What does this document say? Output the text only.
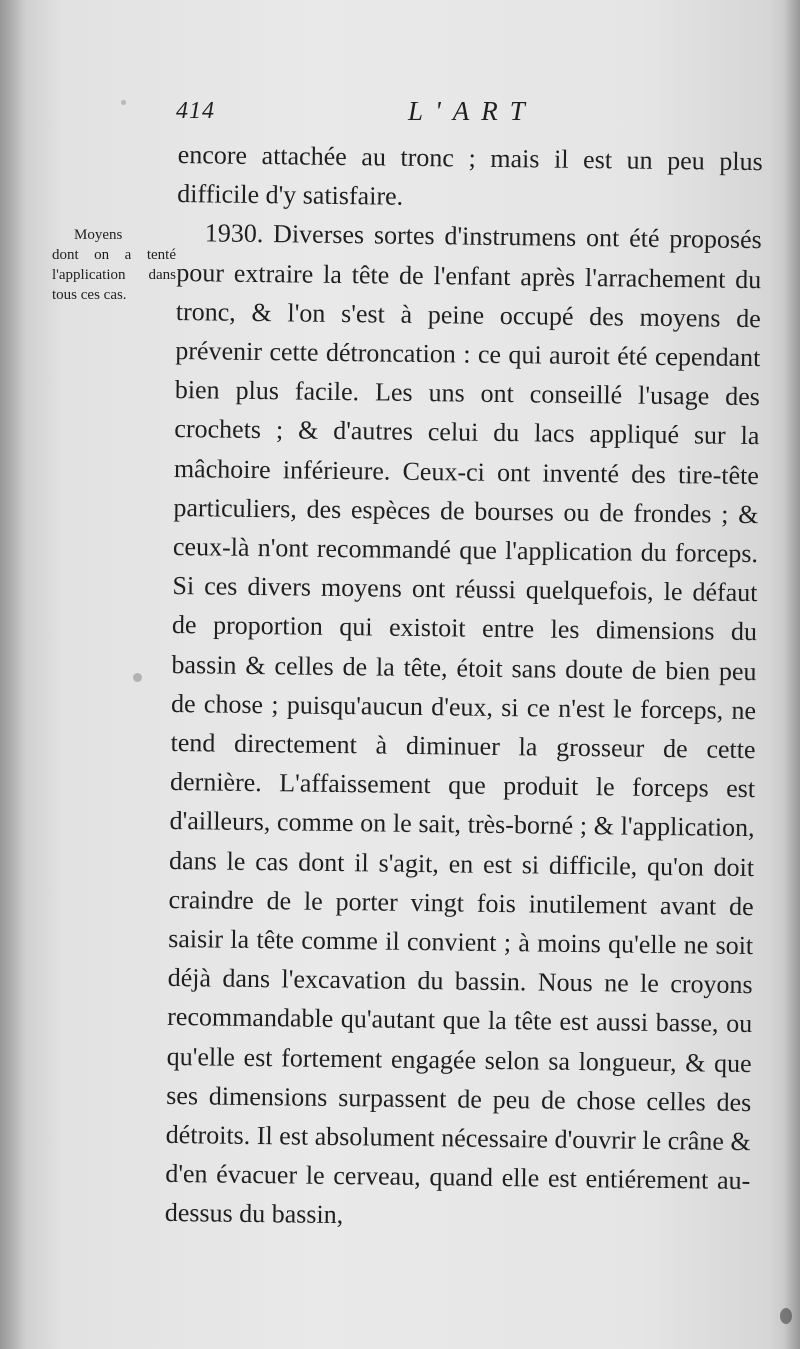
414	L'ART
Moyens
dont on a tenté l'application dans tous ces cas.

encore attachée au tronc ; mais il est un peu plus difficile d'y satisfaire.

1930. Diverses sortes d'instrumens ont été proposés pour extraire la tête de l'enfant après l'arrachement du tronc, & l'on s'est à peine occupé des moyens de prévenir cette détroncation : ce qui auroit été cependant bien plus facile. Les uns ont conseillé l'usage des crochets ; & d'autres celui du lacs appliqué sur la mâchoire inférieure. Ceux-ci ont inventé des tire-tête particuliers, des espèces de bourses ou de frondes ; & ceux-là n'ont recommandé que l'application du forceps. Si ces divers moyens ont réussi quelquefois, le défaut de proportion qui existoit entre les dimensions du bassin & celles de la tête, étoit sans doute de bien peu de chose ; puisqu'aucun d'eux, si ce n'est le forceps, ne tend directement à diminuer la grosseur de cette dernière. L'affaissement que produit le forceps est d'ailleurs, comme on le sait, très-borné ; & l'application, dans le cas dont il s'agit, en est si difficile, qu'on doit craindre de le porter vingt fois inutilement avant de saisir la tête comme il convient ; à moins qu'elle ne soit déjà dans l'excavation du bassin. Nous ne le croyons recommandable qu'autant que la tête est aussi basse, ou qu'elle est fortement engagée selon sa longueur, & que ses dimensions surpassent de peu de chose celles des détroits. Il est absolument nécessaire d'ouvrir le crâne & d'en évacuer le cerveau, quand elle est entiérement au-dessus du bassin,
